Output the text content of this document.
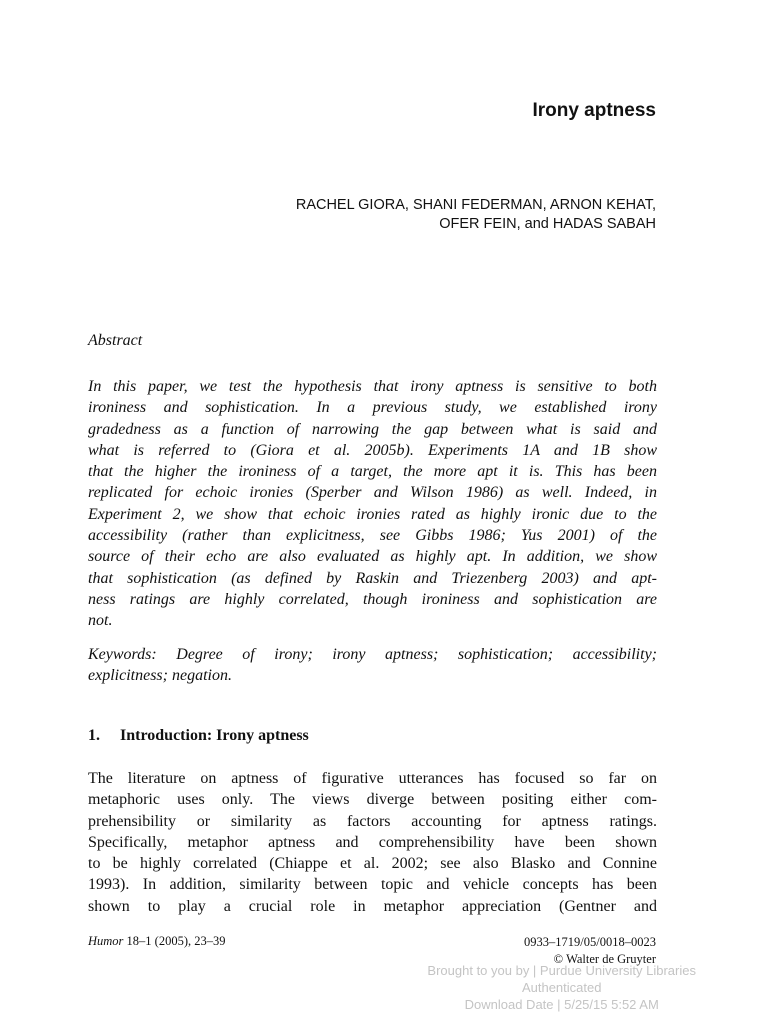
Irony aptness
RACHEL GIORA, SHANI FEDERMAN, ARNON KEHAT,
OFER FEIN, and HADAS SABAH
Abstract
In this paper, we test the hypothesis that irony aptness is sensitive to both
ironiness and sophistication. In a previous study, we established irony
gradedness as a function of narrowing the gap between what is said and
what is referred to (Giora et al. 2005b). Experiments 1A and 1B show
that the higher the ironiness of a target, the more apt it is. This has been
replicated for echoic ironies (Sperber and Wilson 1986) as well. Indeed, in
Experiment 2, we show that echoic ironies rated as highly ironic due to the
accessibility (rather than explicitness, see Gibbs 1986; Yus 2001) of the
source of their echo are also evaluated as highly apt. In addition, we show
that sophistication (as defined by Raskin and Triezenberg 2003) and apt-
ness ratings are highly correlated, though ironiness and sophistication are
not.
Keywords: Degree of irony; irony aptness; sophistication; accessibility;
explicitness; negation.
1. Introduction: Irony aptness
The literature on aptness of figurative utterances has focused so far on
metaphoric uses only. The views diverge between positing either com-
prehensibility or similarity as factors accounting for aptness ratings.
Specifically, metaphor aptness and comprehensibility have been shown
to be highly correlated (Chiappe et al. 2002; see also Blasko and Connine
1993). In addition, similarity between topic and vehicle concepts has been
shown to play a crucial role in metaphor appreciation (Gentner and
Humor 18–1 (2005), 23–39	0933–1719/05/0018–0023
© Walter de Gruyter
Brought to you by | Purdue University Libraries
Authenticated
Download Date | 5/25/15 5:52 AM
